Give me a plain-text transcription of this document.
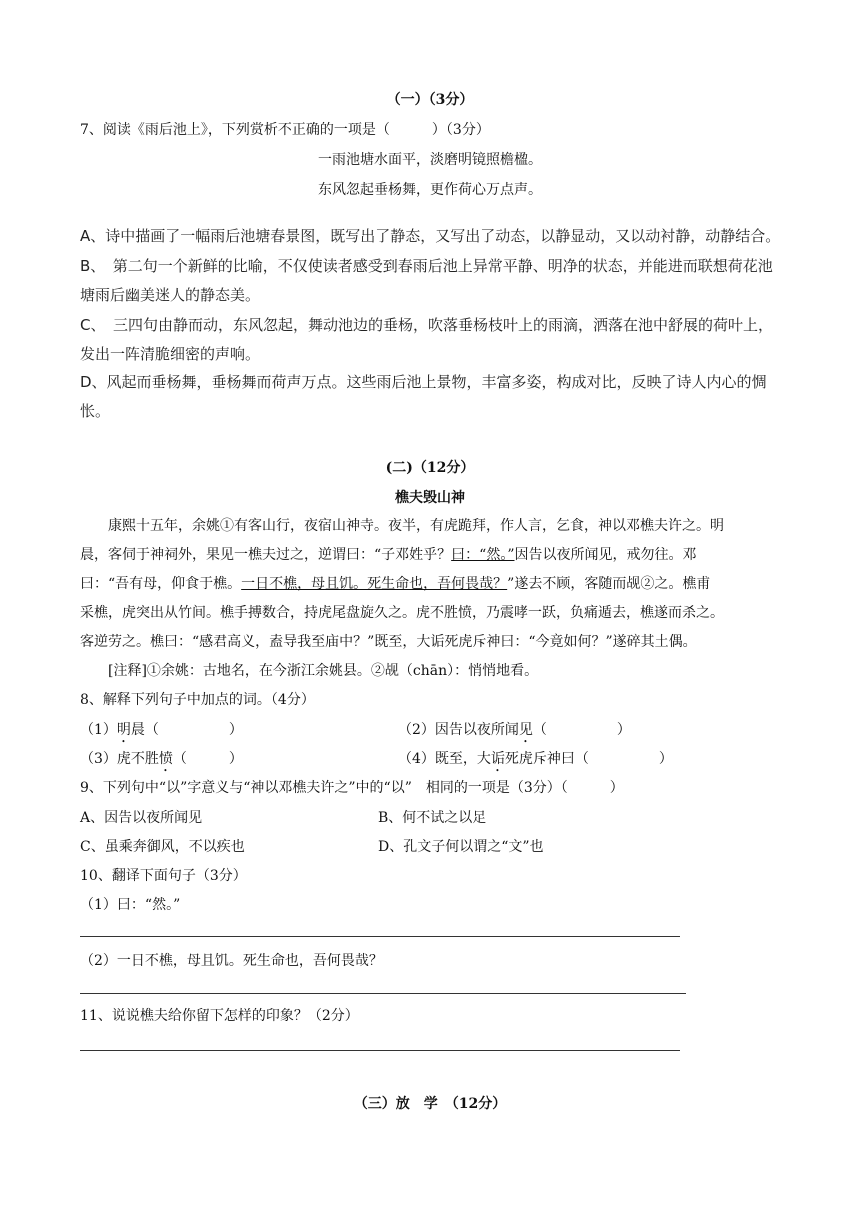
（一）（3分）
7、阅读《雨后池上》，下列赏析不正确的一项是（　　　）（3分）
一雨池塘水面平，淡磨明镜照檐楹。
东风忽起垂杨舞，更作荷心万点声。
A、诗中描画了一幅雨后池塘春景图，既写出了静态，又写出了动态，以静显动，又以动衬静，动静结合。
B、　第二句一个新鲜的比喻，不仅使读者感受到春雨后池上异常平静、明净的状态，并能进而联想荷花池
塘雨后幽美迷人的静态美。
C、　三四句由静而动，东风忽起，舞动池边的垂杨，吹落垂杨枝叶上的雨滴，洒落在池中舒展的荷叶上，
发出一阵清脆细密的声响。
D、风起而垂杨舞，垂杨舞而荷声万点。这些雨后池上景物，丰富多姿，构成对比，反映了诗人内心的惆
怅。
(二)（12分）
樵夫毁山神
康熙十五年，余姚①有客山行，夜宿山神寺。夜半，有虎跪拜，作人言，乞食，神以邓樵夫许之。明
晨，客伺于神祠外，果见一樵夫过之，逆谓曰：“子邓姓乎？曰：“然。”因告以夜所闻见，戒勿往。邓
曰：“吾有母，仰食于樵。一日不樵，母且饥。死生命也，吾何畏哉？”遂去不顾，客随而觇②之。樵甫
采樵，虎突出从竹间。樵手搏数合，持虎尾盘旋久之。虎不胜愤，乃震哮一跃，负痛遁去，樵遂而杀之。
客逆劳之。樵曰：“感君高义，盍导我至庙中？”既至，大诟死虎斥神曰：“今竟如何？”遂碎其土偶。
[注释]①余姚：古地名，在今浙江余姚县。②觇（chān）：悄悄地看。
8、解释下列句子中加点的词。（4分）
（1）明晨（　　　　　）	（2）因告以夜所闻见（　　　　　）
（3）虎不胜愤（　　　）	（4）既至，大诟死虎斥神曰（　　　　　）
9、下列句中“以”字意义与“神以邓樵夫许之”中的“以”　相同的一项是（3分）（　　　）
A、因告以夜所闻见	B、何不试之以足
C、虽乘奔御风，不以疾也	D、孔文子何以谓之“文”也
10、翻译下面句子（3分）
（1）曰：“然。”
（2）一日不樵，母且饥。死生命也，吾何畏哉？
11、说说樵夫给你留下怎样的印象？（2分）
（三）放　学　（12分）
